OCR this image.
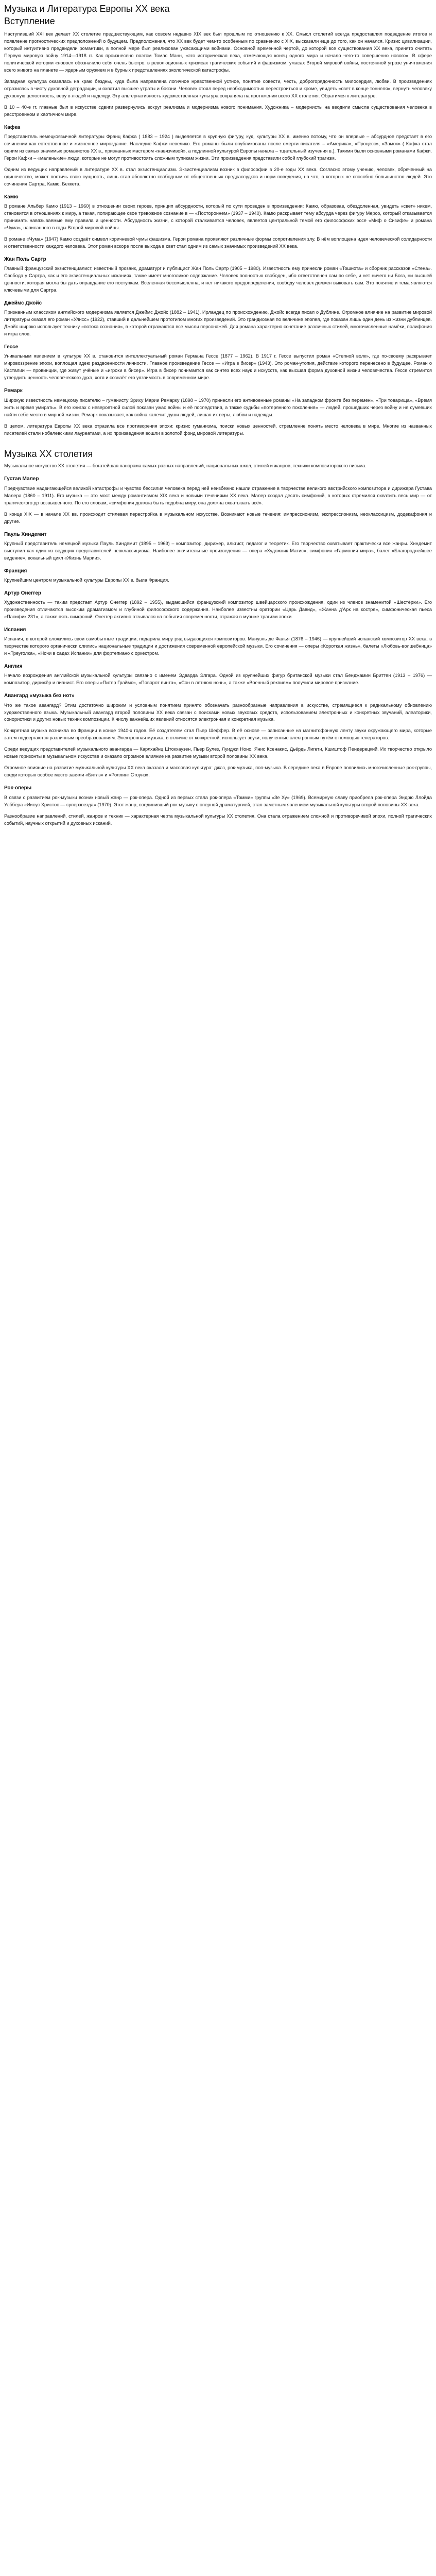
Музыка и Литература Европы XX века
Вступление

Наступивший XXI век делает XX столетие предшествующим, как совсем недавно XIX век был прошлым по отношению к XX. Смысл столетий всегда предоставлял подведение итогов и появление прогностических предположений о будущем. Предположения, что XX век будет чем-то особенным по сравнению с XIX, высказали еще до того, как он начался. Кризис цивилизации, который интуитивно предвидели романтики, в полной мере был реализован ужасающими войнами. Основной временной чертой, до которой все существования XX века, принято считать Первую мировую войну 1914—1918 гг. Как произнесено поэтом Томас Манн, «это историческая веха, отмечающая конец одного мира и начало чего-то совершенно нового». В сфере политической истории «новое» обозначило себя очень быстро: в революционных кризисах трагических событий и фашизмом, ужасах Второй мировой войны, постоянной угрозе уничтожения всего живого на планете — ядерным оружием и в бурных представлениях экологической катастрофы.

Западная культура оказалась на краю бездны, куда была направлена логичное нравственной устное, понятие совести, честь, доброгорядочность милосердия, любви. В произведениях отразилась в чисту духовной деградации, и охватил высшее утраты и боязни. Человек стоял перед необходимостью перестроиться и кроме, увидеть «свет в конце тоннеля», вернуть человеку духовную целостность, веру в людей и надежду. Эту альтернативность художественная культура сохраняла на протяжении всего XX столетия. Обратимся к литературе.

В 10 – 40-е гг. главные был в искусстве сдвиги развернулись вокруг реализма и модернизма нового понимания. Художника – модернисты на вводили смысла существования человека в расстроенном и хаотичном мире.

Кафка

Представитель немецкоязычной литературы Франц Кафка ( 1883 – 1924 ) выделяется в крупную фигуру, куд, культуры XX в. именно потому, что он впервые – абсурдное предстает в его сочинении как естественное и жизненное мироздание. Наследие Кафки невелико. Его романы были опубликованы после смерти писателя – «Америка», «Процесс», «Замок» ( Кафка стал одним из самых значимых романистов XX в., признанных мастером «навязчивой», а подлинной культурой Европы начала – тщательный изучения в.). Такими были основными романами Кафки. Герои Кафки – «маленькие» люди, которые не могут противостоять сложным тупикам жизни. Эти произведения представили собой глубокий трагизм.

Одним из ведущих направлений в литературе XX в. стал экзистенциализм. Экзистенциализм возник в философии в 20-е годы XX века. Согласно этому учению, человек, обреченный на одиночество, может постичь свою сущность, лишь став абсолютно свободным от общественных предрассудков и норм поведения, на что, в которых не способно большинство людей. Это сочинения Сартра, Камю, Беккета.

Камю

В романе Альбер Камю (1913 – 1960) в отношении своих героев, принцип абсурдности, который по сути проведен в произведении: Камю, образовав, обездоленная, увидеть «свет» никем, становится в отношениях к миру, а такая, попирающее свое тревожное сознание в — «Постороннем» (1937 – 1940). Камю раскрывает тему абсурда через фигуру Мерсо, который отказывается принимать навязываемые ему правила и ценности. Абсурдность жизни, с которой сталкивается человек, является центральной темой его философских эссе «Миф о Сизифе» и романа «Чума», написанного в годы Второй мировой войны.

В романе «Чума» (1947) Камю создаёт символ коричневой чумы фашизма. Герои романа проявляют различные формы сопротивления злу. В нём воплощена идея человеческой солидарности и ответственности каждого человека. Этот роман вскоре после выхода в свет стал одним из самых значимых произведений XX века.

Жан Поль Сартр

Главный французский экзистенциалист, известный прозаик, драматург и публицист Жан Поль Сартр (1905 – 1980). Известность ему принесли роман «Тошнота» и сборник рассказов «Стена». Свобода у Сартра, как и его экзистенциальных исканиях, также имеет многоликое содержание. Человек полностью свободен, ибо ответственен сам по себе, и нет ничего ни Бога, ни высшей ценности, которая могла бы дать оправдание его поступкам. Вселенная бессмысленна, и нет никакого предопределения, свободу человек должен выковать сам. Это понятие и тема являются ключевыми для Сартра.

Джеймс Джойс

Признанным классиком английского модернизма является Джеймс Джойс (1882 – 1941). Ирландец по происхождению, Джойс всегда писал о Дублине. Огромное влияние на развитие мировой литературы оказал его роман «Улисс» (1922), ставший в дальнейшем прототипом многих произведений. Это грандиозная по величине эпопея, где показан лишь один день из жизни дублинцев. Джойс широко использует технику «потока сознания», в которой отражаются все мысли персонажей. Для романа характерно сочетание различных стилей, многочисленные намёки, полифония и игра слов.

Гессе

Уникальным явлением в культуре XX в. становится интеллектуальный роман Германа Гессе (1877 – 1962). В 1917 г. Гессе выпустил роман «Степной волк», где по-своему раскрывает мировоззрение эпохи, воплощая идею раздвоенности личности. Главное произведение Гессе — «Игра в бисер» (1943). Это роман-утопия, действие которого перенесено в будущее. Роман о Касталии — провинции, где живут учёные и «игроки в бисер». Игра в бисер понимается как синтез всех наук и искусств, как высшая форма духовной жизни человечества. Гессе стремится утвердить ценность человеческого духа, хотя и сознаёт его уязвимость в современном мире.

Ремарк

Широкую известность немецкому писателю – гуманисту Эриху Марии Ремарку (1898 – 1970) принесли его антивоенные романы «На западном фронте без перемен», «Три товарища», «Время жить и время умирать». В его книгах с невероятной силой показан ужас войны и её последствия, а также судьбы «потерянного поколения» — людей, прошедших через войну и не сумевших найти себе место в мирной жизни. Ремарк показывает, как война калечит души людей, лишая их веры, любви и надежды.

В целом, литература Европы XX века отразила все противоречия эпохи: кризис гуманизма, поиски новых ценностей, стремление понять место человека в мире. Многие из названных писателей стали нобелевскими лауреатами, а их произведения вошли в золотой фонд мировой литературы.

Музыка XX столетия

Музыкальное искусство XX столетия — богатейшая панорама самых разных направлений, национальных школ, стилей и жанров, техники композиторского письма.

Густав Малер

Предчувствие надвигающейся великой катастрофы и чувство бессилия человека перед ней неизбежно нашли отражение в творчестве великого австрийского композитора и дирижера Густава Малера (1860 – 1911). Его музыка — это мост между романтизмом XIX века и новыми течениями XX века. Малер создал десять симфоний, в которых стремился охватить весь мир — от трагического до возвышенного. По его словам, «симфония должна быть подобна миру, она должна охватывать всё».

В конце XIX — в начале XX вв. происходит стилевая перестройка в музыкальном искусстве. Возникают новые течения: импрессионизм, экспрессионизм, неоклассицизм, додекафония и другие.

Пауль Хиндемит

Крупный представитель немецкой музыки Пауль Хиндемит (1895 – 1963) – композитор, дирижер, альтист, педагог и теоретик. Его творчество охватывает практически все жанры. Хиндемит выступил как один из ведущих представителей неоклассицизма. Наиболее значительные произведения — опера «Художник Матис», симфония «Гармония мира», балет «Благороднейшее видение», вокальный цикл «Жизнь Марии».

Франция

Крупнейшим центром музыкальной культуры Европы XX в. была Франция.

Артур Онеггер

Художественность — таким предстает Артур Онеггер (1892 – 1955), выдающийся французский композитор швейцарского происхождения, один из членов знаменитой «Шестёрки». Его произведения отличаются высоким драматизмом и глубиной философского содержания. Наиболее известны оратории «Царь Давид», «Жанна д'Арк на костре», симфоническая пьеса «Пасифик 231», а также пять симфоний. Онеггер активно отзывался на события современности, отражая в музыке трагизм эпохи.

Испания

Испания, в которой сложились свои самобытные традиции, подарила миру ряд выдающихся композиторов. Мануэль де Фалья (1876 – 1946) — крупнейший испанский композитор XX века, в творчестве которого органически слились национальные традиции и достижения современной европейской музыки. Его сочинения — оперы «Короткая жизнь», балеты «Любовь-волшебница» и «Треуголка», «Ночи в садах Испании» для фортепиано с оркестром.

Англия

Начало возрождения английской музыкальной культуры связано с именем Эдварда Элгара. Одной из крупнейших фигур британской музыки стал Бенджамин Бриттен (1913 – 1976) — композитор, дирижёр и пианист. Его оперы «Питер Граймс», «Поворот винта», «Сон в летнюю ночь», а также «Военный реквием» получили мировое признание.

Авангард «музыка без нот»

Что же такое авангард? Этим достаточно широким и условным понятием принято обозначать разнообразные направления в искусстве, стремящиеся к радикальному обновлению художественного языка. Музыкальный авангард второй половины XX века связан с поисками новых звуковых средств, использованием электронных и конкретных звучаний, алеаторики, сонористики и других новых техник композиции. К числу важнейших явлений относятся электронная и конкретная музыка.

Конкретная музыка возникла во Франции в конце 1940-х годов. Её создателем стал Пьер Шеффер. В её основе — записанные на магнитофонную ленту звуки окружающего мира, которые затем подвергаются различным преобразованиям. Электронная музыка, в отличие от конкретной, использует звуки, полученные электронным путём с помощью генераторов.

Среди ведущих представителей музыкального авангарда — Карлхайнц Штокхаузен, Пьер Булез, Луиджи Ноно, Янис Ксенакис, Дьёрдь Лигети, Кшиштоф Пендерецкий. Их творчество открыло новые горизонты в музыкальном искусстве и оказало огромное влияние на развитие музыки второй половины XX века.

Огромное влияние на развитие музыкальной культуры XX века оказала и массовая культура: джаз, рок-музыка, поп-музыка. В середине века в Европе появились многочисленные рок-группы, среди которых особое место заняли «Битлз» и «Роллинг Стоунз».

Рок-оперы

В связи с развитием рок-музыки возник новый жанр — рок-опера. Одной из первых стала рок-опера «Томми» группы «Зе Ху» (1969). Всемирную славу приобрела рок-опера Эндрю Ллойда Уэббера «Иисус Христос — суперзвезда» (1970). Этот жанр, соединивший рок-музыку с оперной драматургией, стал заметным явлением музыкальной культуры второй половины XX века.

Разнообразие направлений, стилей, жанров и техник — характерная черта музыкальной культуры XX столетия. Она стала отражением сложной и противоречивой эпохи, полной трагических событий, научных открытий и духовных исканий.
